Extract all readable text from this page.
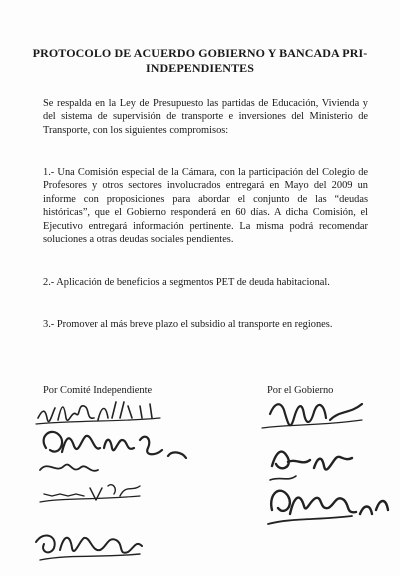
PROTOCOLO DE ACUERDO GOBIERNO Y BANCADA PRI-INDEPENDIENTES

Se respalda en la Ley de Presupuesto las partidas de Educación, Vivienda y del sistema de supervisión de transporte e inversiones del Ministerio de Transporte, con los siguientes compromisos:

1.- Una Comisión especial de la Cámara, con la participación del Colegio de Profesores y otros sectores involucrados entregará en Mayo del 2009 un informe con proposiciones para abordar el conjunto de las “deudas históricas”, que el Gobierno responderá en 60 días. A dicha Comisión, el Ejecutivo entregará información pertinente. La misma podrá recomendar soluciones a otras deudas sociales pendientes.

2.- Aplicación de beneficios a segmentos PET de deuda habitacional.

3.- Promover al más breve plazo el subsidio al transporte en regiones.

Por Comité Independiente	Por el Gobierno
